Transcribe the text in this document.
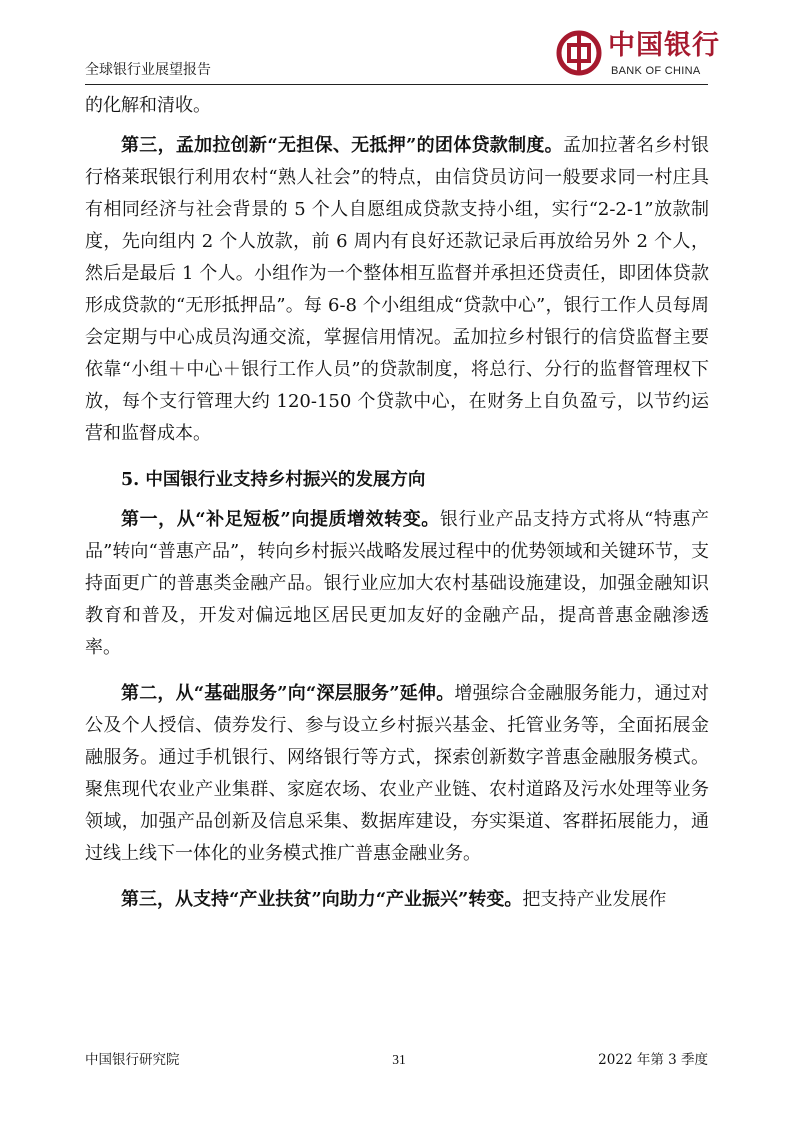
中国银行
BANK OF CHINA
全球银行业展望报告

的化解和清收。

第三，孟加拉创新“无担保、无抵押”的团体贷款制度。孟加拉著名乡村银行格莱珉银行利用农村“熟人社会”的特点，由信贷员访问一般要求同一村庄具有相同经济与社会背景的 5 个人自愿组成贷款支持小组，实行“2-2-1”放款制度，先向组内 2 个人放款，前 6 周内有良好还款记录后再放给另外 2 个人，然后是最后 1 个人。小组作为一个整体相互监督并承担还贷责任，即团体贷款形成贷款的“无形抵押品”。每 6-8 个小组组成“贷款中心”，银行工作人员每周会定期与中心成员沟通交流，掌握信用情况。孟加拉乡村银行的信贷监督主要依靠“小组＋中心＋银行工作人员”的贷款制度，将总行、分行的监督管理权下放，每个支行管理大约 120-150 个贷款中心，在财务上自负盈亏，以节约运营和监督成本。

5. 中国银行业支持乡村振兴的发展方向

第一，从“补足短板”向提质增效转变。银行业产品支持方式将从“特惠产品”转向“普惠产品”，转向乡村振兴战略发展过程中的优势领域和关键环节，支持面更广的普惠类金融产品。银行业应加大农村基础设施建设，加强金融知识教育和普及，开发对偏远地区居民更加友好的金融产品，提高普惠金融渗透率。

第二，从“基础服务”向“深层服务”延伸。增强综合金融服务能力，通过对公及个人授信、债券发行、参与设立乡村振兴基金、托管业务等，全面拓展金融服务。通过手机银行、网络银行等方式，探索创新数字普惠金融服务模式。聚焦现代农业产业集群、家庭农场、农业产业链、农村道路及污水处理等业务领域，加强产品创新及信息采集、数据库建设，夯实渠道、客群拓展能力，通过线上线下一体化的业务模式推广普惠金融业务。

第三，从支持“产业扶贫”向助力“产业振兴”转变。把支持产业发展作

中国银行研究院	31	2022 年第 3 季度
